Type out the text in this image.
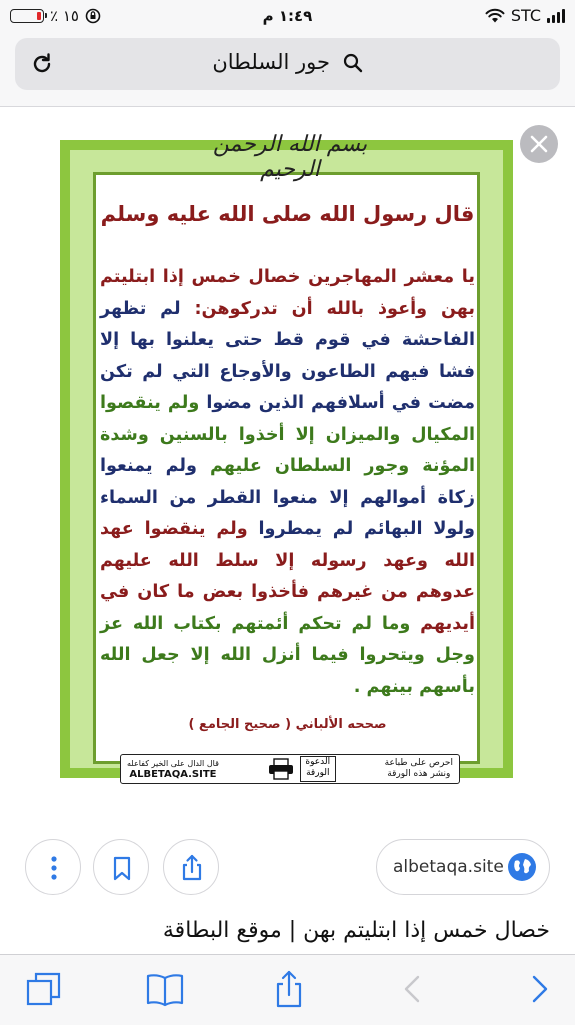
٪ ١٥	١:٤٩ م	STC
جور السلطان
بسم الله الرحمن الرحيم
قال رسول الله صلى الله عليه وسلم
يا معشر المهاجرين خصال خمس إذا ابتليتم بهن وأعوذ بالله أن تدركوهن: لم تظهر الفاحشة في قوم قط حتى يعلنوا بها إلا فشا فيهم الطاعون والأوجاع التي لم تكن مضت في أسلافهم الذين مضوا ولم ينقصوا المكيال والميزان إلا أخذوا بالسنين وشدة المؤنة وجور السلطان عليهم ولم يمنعوا زكاة أموالهم إلا منعوا القطر من السماء ولولا البهائم لم يمطروا ولم ينقضوا عهد الله وعهد رسوله إلا سلط الله عليهم عدوهم من غيرهم فأخذوا بعض ما كان في أيديهم وما لم تحكم أئمتهم بكتاب الله عز وجل ويتحروا فيما أنزل الله إلا جعل الله بأسهم بينهم .
صححه الألباني ( صحيح الجامع )
قال الدال على الخير كفاعله
ALBETAQA.SITE
الدعوة الورقة
احرص على طباعة
ونشر هذه الورقة
albetaqa.site
خصال خمس إذا ابتليتم بهن | موقع البطاقة
